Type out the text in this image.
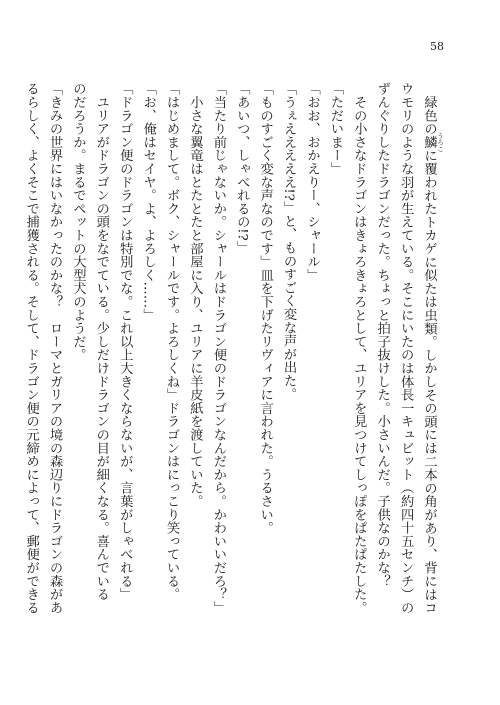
58

　緑色の鱗 うろこに覆われたトカゲに似たは虫類。しかしその頭には二本の角があり、背にはコ

ウモリのような羽が生えている。そこにいたのは体長一キュビット（約四十五センチ）の

ずんぐりしたドラゴンだった。ちょっと拍子抜けした。小さいんだ。子供なのかな？

　その小さなドラゴンはきょろきょろとして、ユリアを見つけてしっぽをぱたぱたした。

「ただいまー」

「おお、おかえりー、シャール」

「うぇえええええ!?」と、ものすごく変な声が出た。

「ものすごく変な声なのです」皿を下げたリヴィアに言われた。うるさい。

「あいつ、しゃべれるの!?」

「当たり前じゃないか。シャールはドラゴン便のドラゴンなんだから。かわいいだろ？」

　小さな翼竜はとたとたと部屋に入り、ユリアに羊皮紙を渡していた。

「はじめまして。ボク、シャールです。よろしくね」ドラゴンはにっこり笑っている。

「お、俺はセイヤ。よ、よろしく……」

「ドラゴン便のドラゴンは特別でな。これ以上大きくならないが、言葉がしゃべれる」

　ユリアがドラゴンの頭をなでている。少しだけドラゴンの目が細くなる。喜んでいる

のだろうか。まるでペットの大型犬のようだ。

「きみの世界にはいなかったのかな？　ローマとガリアの境の森辺りにドラゴンの森があ

るらしく、よくそこで捕獲される。そして、ドラゴン便の元締めによって、郵便ができる
